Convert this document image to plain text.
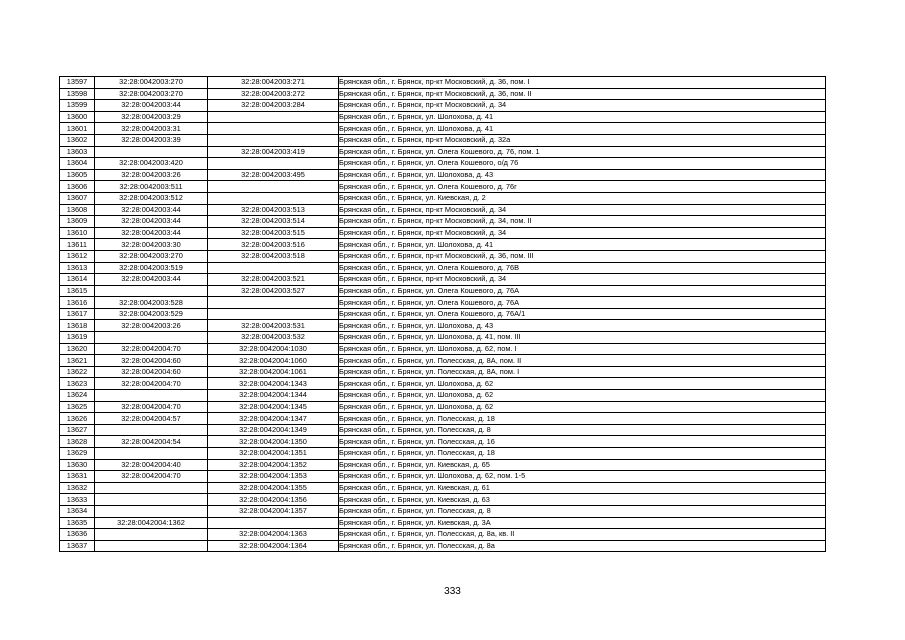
13597	32:28:0042003:270	32:28:0042003:271	Брянская обл., г. Брянск, пр-кт Московский, д. 36, пом. I
13598	32:28:0042003:270	32:28:0042003:272	Брянская обл., г. Брянск, пр-кт Московский, д. 36, пом. II
13599	32:28:0042003:44	32:28:0042003:284	Брянская обл., г. Брянск, пр-кт Московский, д. 34
13600	32:28:0042003:29		Брянская обл., г. Брянск, ул. Шолохова, д. 41
13601	32:28:0042003:31		Брянская обл., г. Брянск, ул. Шолохова, д. 41
13602	32:28:0042003:39		Брянская обл., г. Брянск, пр-кт Московский, д. 32а
13603		32:28:0042003:419	Брянская обл., г. Брянск, ул. Олега Кошевого, д. 76, пом. 1
13604	32:28:0042003:420		Брянская обл., г. Брянск, ул. Олега Кошевого, о/д 76
13605	32:28:0042003:26	32:28:0042003:495	Брянская обл., г. Брянск, ул. Шолохова, д. 43
13606	32:28:0042003:511		Брянская обл., г. Брянск, ул. Олега Кошевого, д. 76г
13607	32:28:0042003:512		Брянская обл., г. Брянск, ул. Киевская, д. 2
13608	32:28:0042003:44	32:28:0042003:513	Брянская обл., г. Брянск, пр-кт Московский, д. 34
13609	32:28:0042003:44	32:28:0042003:514	Брянская обл., г. Брянск, пр-кт Московский, д. 34, пом. II
13610	32:28:0042003:44	32:28:0042003:515	Брянская обл., г. Брянск, пр-кт Московский, д. 34
13611	32:28:0042003:30	32:28:0042003:516	Брянская обл., г. Брянск, ул. Шолохова, д. 41
13612	32:28:0042003:270	32:28:0042003:518	Брянская обл., г. Брянск, пр-кт Московский, д. 36, пом. III
13613	32:28:0042003:519		Брянская обл., г. Брянск, ул. Олега Кошевого, д. 76В
13614	32:28:0042003:44	32:28:0042003:521	Брянская обл., г. Брянск, пр-кт Московский, д. 34
13615		32:28:0042003:527	Брянская обл., г. Брянск, ул. Олега Кошевого, д. 76А
13616	32:28:0042003:528		Брянская обл., г. Брянск, ул. Олега Кошевого, д. 76А
13617	32:28:0042003:529		Брянская обл., г. Брянск, ул. Олега Кошевого, д. 76А/1
13618	32:28:0042003:26	32:28:0042003:531	Брянская обл., г. Брянск, ул. Шолохова, д. 43
13619		32:28:0042003:532	Брянская обл., г. Брянск, ул. Шолохова, д. 41, пом. III
13620	32:28:0042004:70	32:28:0042004:1030	Брянская обл., г. Брянск, ул. Шолохова, д. 62, пом. I
13621	32:28:0042004:60	32:28:0042004:1060	Брянская обл., г. Брянск, ул. Полесская, д. 8А, пом. II
13622	32:28:0042004:60	32:28:0042004:1061	Брянская обл., г. Брянск, ул. Полесская, д. 8А, пом. I
13623	32:28:0042004:70	32:28:0042004:1343	Брянская обл., г. Брянск, ул. Шолохова, д. 62
13624		32:28:0042004:1344	Брянская обл., г. Брянск, ул. Шолохова, д. 62
13625	32:28:0042004:70	32:28:0042004:1345	Брянская обл., г. Брянск, ул. Шолохова, д. 62
13626	32:28:0042004:57	32:28:0042004:1347	Брянская обл., г. Брянск, ул. Полесская, д. 18
13627		32:28:0042004:1349	Брянская обл., г. Брянск, ул. Полесская, д. 8
13628	32:28:0042004:54	32:28:0042004:1350	Брянская обл., г. Брянск, ул. Полесская, д. 16
13629		32:28:0042004:1351	Брянская обл., г. Брянск, ул. Полесская, д. 18
13630	32:28:0042004:40	32:28:0042004:1352	Брянская обл., г. Брянск, ул. Киевская, д. 65
13631	32:28:0042004:70	32:28:0042004:1353	Брянская обл., г. Брянск, ул. Шолохова, д. 62, пом. 1-5
13632		32:28:0042004:1355	Брянская обл., г. Брянск, ул. Киевская, д. 61
13633		32:28:0042004:1356	Брянская обл., г. Брянск, ул. Киевская, д. 63
13634		32:28:0042004:1357	Брянская обл., г. Брянск, ул. Полесская, д. 8
13635	32:28:0042004:1362		Брянская обл., г. Брянск, ул. Киевская, д. 3А
13636		32:28:0042004:1363	Брянская обл., г. Брянск, ул. Полесская, д. 8а, кв. II
13637		32:28:0042004:1364	Брянская обл., г. Брянск, ул. Полесская, д. 8а
333
